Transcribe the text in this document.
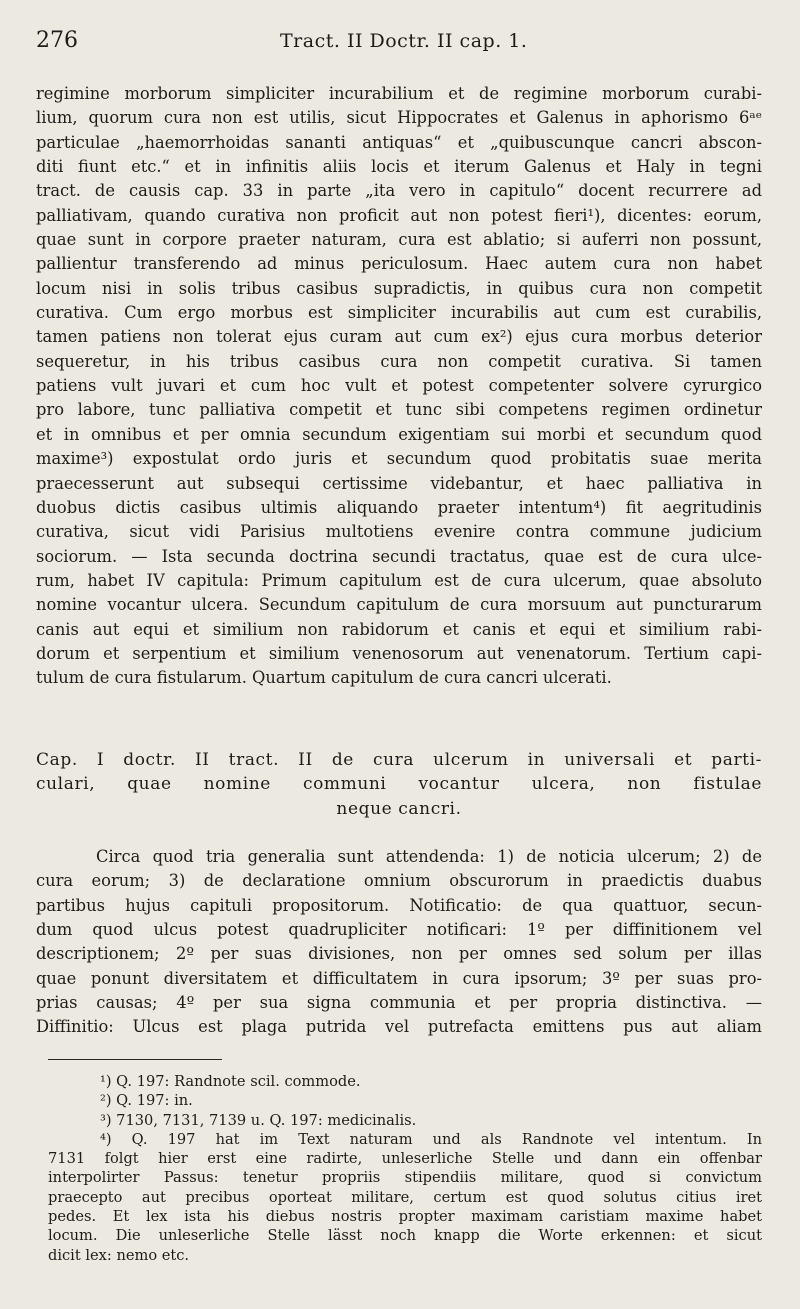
276	Tract. II Doctr. II cap. 1.
regimine morborum simpliciter incurabilium et de regimine morborum curabi-
lium, quorum cura non est utilis, sicut Hippocrates et Galenus in aphorismo 6ᵃᵉ
particulae „haemorrhoidas sananti antiquas“ et „quibuscunque cancri abscon-
diti fiunt etc.“ et in infinitis aliis locis et iterum Galenus et Haly in tegni
tract. de causis cap. 33 in parte „ita vero in capitulo“ docent recurrere ad
palliativam, quando curativa non proficit aut non potest fieri¹), dicentes: eorum,
quae sunt in corpore praeter naturam, cura est ablatio; si auferri non possunt,
pallientur transferendo ad minus periculosum. Haec autem cura non habet
locum nisi in solis tribus casibus supradictis, in quibus cura non competit
curativa. Cum ergo morbus est simpliciter incurabilis aut cum est curabilis,
tamen patiens non tolerat ejus curam aut cum ex²) ejus cura morbus deterior
sequeretur, in his tribus casibus cura non competit curativa. Si tamen
patiens vult juvari et cum hoc vult et potest competenter solvere cyrurgico
pro labore, tunc palliativa competit et tunc sibi competens regimen ordinetur
et in omnibus et per omnia secundum exigentiam sui morbi et secundum quod
maxime³) expostulat ordo juris et secundum quod probitatis suae merita
praecesserunt aut subsequi certissime videbantur, et haec palliativa in
duobus dictis casibus ultimis aliquando praeter intentum⁴) fit aegritudinis
curativa, sicut vidi Parisius multotiens evenire contra commune judicium
sociorum. — Ista secunda doctrina secundi tractatus, quae est de cura ulce-
rum, habet IV capitula: Primum capitulum est de cura ulcerum, quae absoluto
nomine vocantur ulcera. Secundum capitulum de cura morsuum aut puncturarum
canis aut equi et similium non rabidorum et canis et equi et similium rabi-
dorum et serpentium et similium venenosorum aut venenatorum. Tertium capi-
tulum de cura fistularum. Quartum capitulum de cura cancri ulcerati.
Cap. I doctr. II tract. II de cura ulcerum in universali et parti-
culari, quae nomine communi vocantur ulcera, non fistulae
neque cancri.
Circa quod tria generalia sunt attendenda: 1) de noticia ulcerum; 2) de
cura eorum; 3) de declaratione omnium obscurorum in praedictis duabus
partibus hujus capituli propositorum. Notificatio: de qua quattuor, secun-
dum quod ulcus potest quadrupliciter notificari: 1º per diffinitionem vel
descriptionem; 2º per suas divisiones, non per omnes sed solum per illas
quae ponunt diversitatem et difficultatem in cura ipsorum; 3º per suas pro-
prias causas; 4º per sua signa communia et per propria distinctiva. —
Diffinitio: Ulcus est plaga putrida vel putrefacta emittens pus aut aliam
¹) Q. 197: Randnote scil. commode.
²) Q. 197: in.
³) 7130, 7131, 7139 u. Q. 197: medicinalis.
⁴) Q. 197 hat im Text naturam und als Randnote vel intentum. In
7131 folgt hier erst eine radirte, unleserliche Stelle und dann ein offenbar
interpolirter Passus: tenetur propriis stipendiis militare, quod si convictum
praecepto aut precibus oporteat militare, certum est quod solutus citius iret
pedes. Et lex ista his diebus nostris propter maximam caristiam maxime habet
locum. Die unleserliche Stelle lässt noch knapp die Worte erkennen: et sicut
dicit lex: nemo etc.
